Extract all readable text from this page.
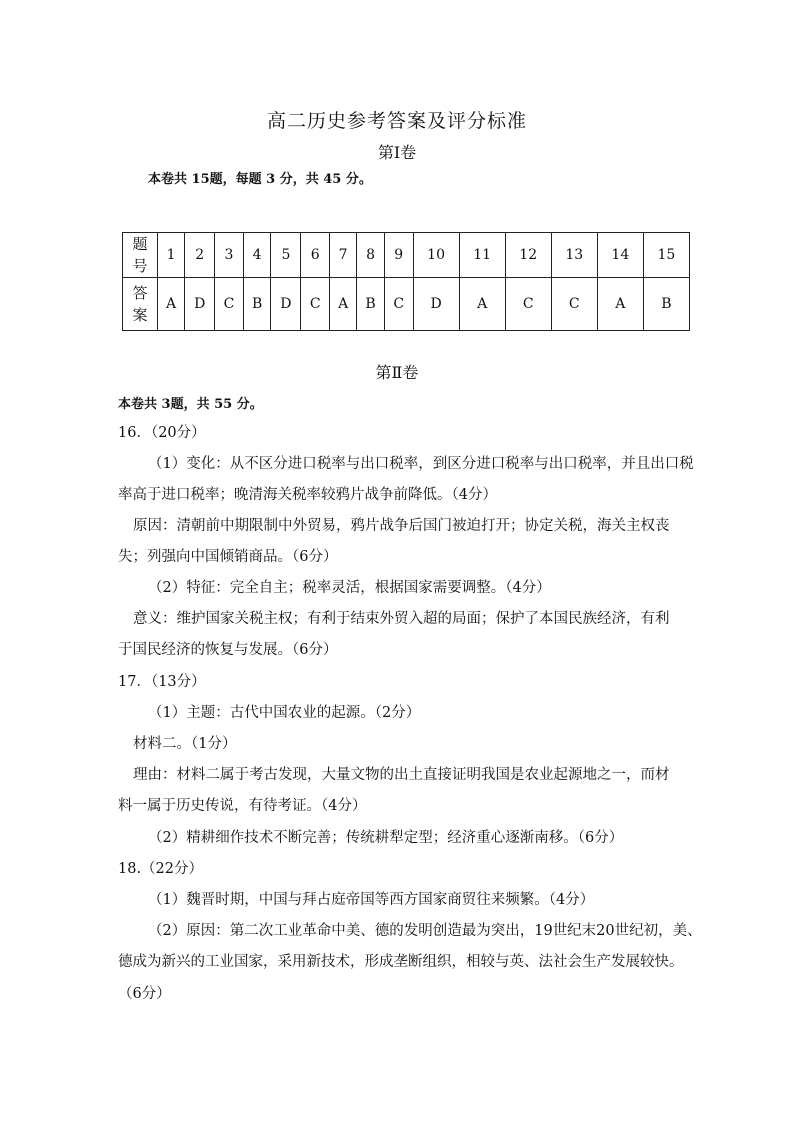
高二历史参考答案及评分标准
第Ⅰ卷
本卷共 15题，每题 3 分，共 45 分。
题
号	1	2	3	4	5	6	7	8	9	10	11	12	13	14	15

答
案	A	D	C	B	D	C	A	B	C	D	A	C	C	A	B
第Ⅱ卷
本卷共 3题，共 55 分。
16．（20分）
（1）变化：从不区分进口税率与出口税率，到区分进口税率与出口税率，并且出口税
率高于进口税率；晚清海关税率较鸦片战争前降低。（4分）
原因：清朝前中期限制中外贸易，鸦片战争后国门被迫打开；协定关税，海关主权丧
失；列强向中国倾销商品。（6分）
（2）特征：完全自主；税率灵活，根据国家需要调整。（4分）
意义：维护国家关税主权；有利于结束外贸入超的局面；保护了本国民族经济，有利
于国民经济的恢复与发展。（6分）
17．（13分）
（1）主题：古代中国农业的起源。（2分）
材料二。（1分）
理由：材料二属于考古发现，大量文物的出土直接证明我国是农业起源地之一，而材
料一属于历史传说，有待考证。（4分）
（2）精耕细作技术不断完善；传统耕犁定型；经济重心逐渐南移。（6分）
18.（22分）
（1）魏晋时期，中国与拜占庭帝国等西方国家商贸往来频繁。（4分）
（2）原因：第二次工业革命中美、德的发明创造最为突出，19世纪末20世纪初，美、
德成为新兴的工业国家，采用新技术，形成垄断组织，相较与英、法社会生产发展较快。
（6分）
